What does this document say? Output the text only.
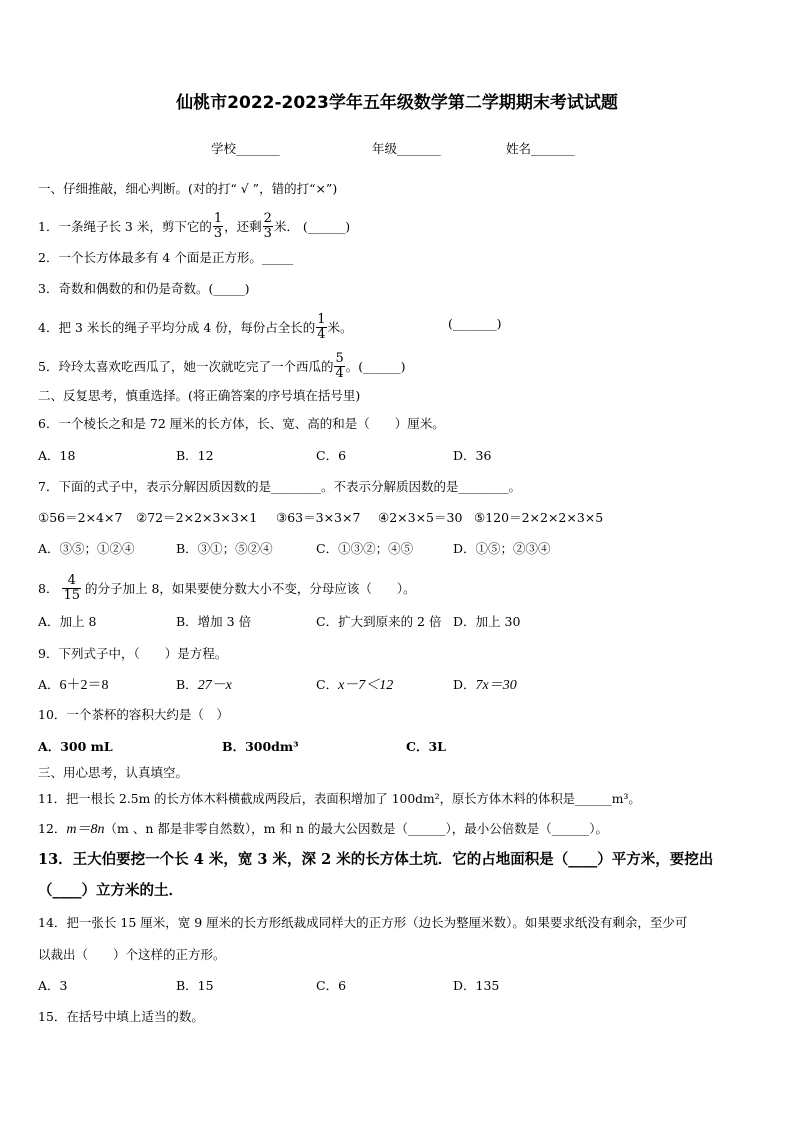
仙桃市2022-2023学年五年级数学第二学期期末考试试题
学校_______	年级_______	姓名_______
一、仔细推敲，细心判断。(对的打“ √ ”，错的打“×”)
1．一条绳子长 3 米，剪下它的 $\frac{1}{3}$ ，还剩 $\frac{2}{3}$ 米． (______)
2．一个长方体最多有 4 个面是正方形。_____
3．奇数和偶数的和仍是奇数。(_____)
4．把 3 米长的绳子平均分成 4 份，每份占全长的 $\frac{1}{4}$ 米。	(_______)
5．玲玲太喜欢吃西瓜了，她一次就吃完了一个西瓜的 $\frac{5}{4}$ 。(______)
二、反复思考，慎重选择。(将正确答案的序号填在括号里)
6．一个棱长之和是 72 厘米的长方体，长、宽、高的和是（　　）厘米。
A．18	B．12	C．6	D．36
7．下面的式子中，表示分解因质因数的是________。不表示分解质因数的是________。
①56＝2×4×7 ②72＝2×2×3×3×1 ③63＝3×3×7 ④2×3×5＝30 ⑤120＝2×2×2×3×5
A．③⑤；①②④	B．③①；⑤②④	C．①③②；④⑤	D．①⑤；②③④
8． $\frac{4}{15}$ 的分子加上 8，如果要使分数大小不变，分母应该（　　）。
A．加上 8	B．增加 3 倍	C．扩大到原来的 2 倍 D．加上 30
9．下列式子中，（　　）是方程。
A．6＋2＝8	B．27－x	C．x－7＜12	D．7x＝30
10．一个茶杯的容积大约是（　）
A．300 mL	B．300dm³	C．3L
三、用心思考，认真填空。
11．把一根长 2.5m 的长方体木料横截成两段后，表面积增加了 100dm²，原长方体木料的体积是______m³。
12．m＝8n（m 、n 都是非零自然数），m 和 n 的最大公因数是（______），最小公倍数是（______）。
13．王大伯要挖一个长 4 米，宽 3 米，深 2 米的长方体土坑．它的占地面积是（____）平方米，要挖出
（____）立方米的土．
14．把一张长 15 厘米，宽 9 厘米的长方形纸裁成同样大的正方形（边长为整厘米数）。如果要求纸没有剩余，至少可
以裁出（　　）个这样的正方形。
A．3	B．15	C．6	D．135
15．在括号中填上适当的数。
